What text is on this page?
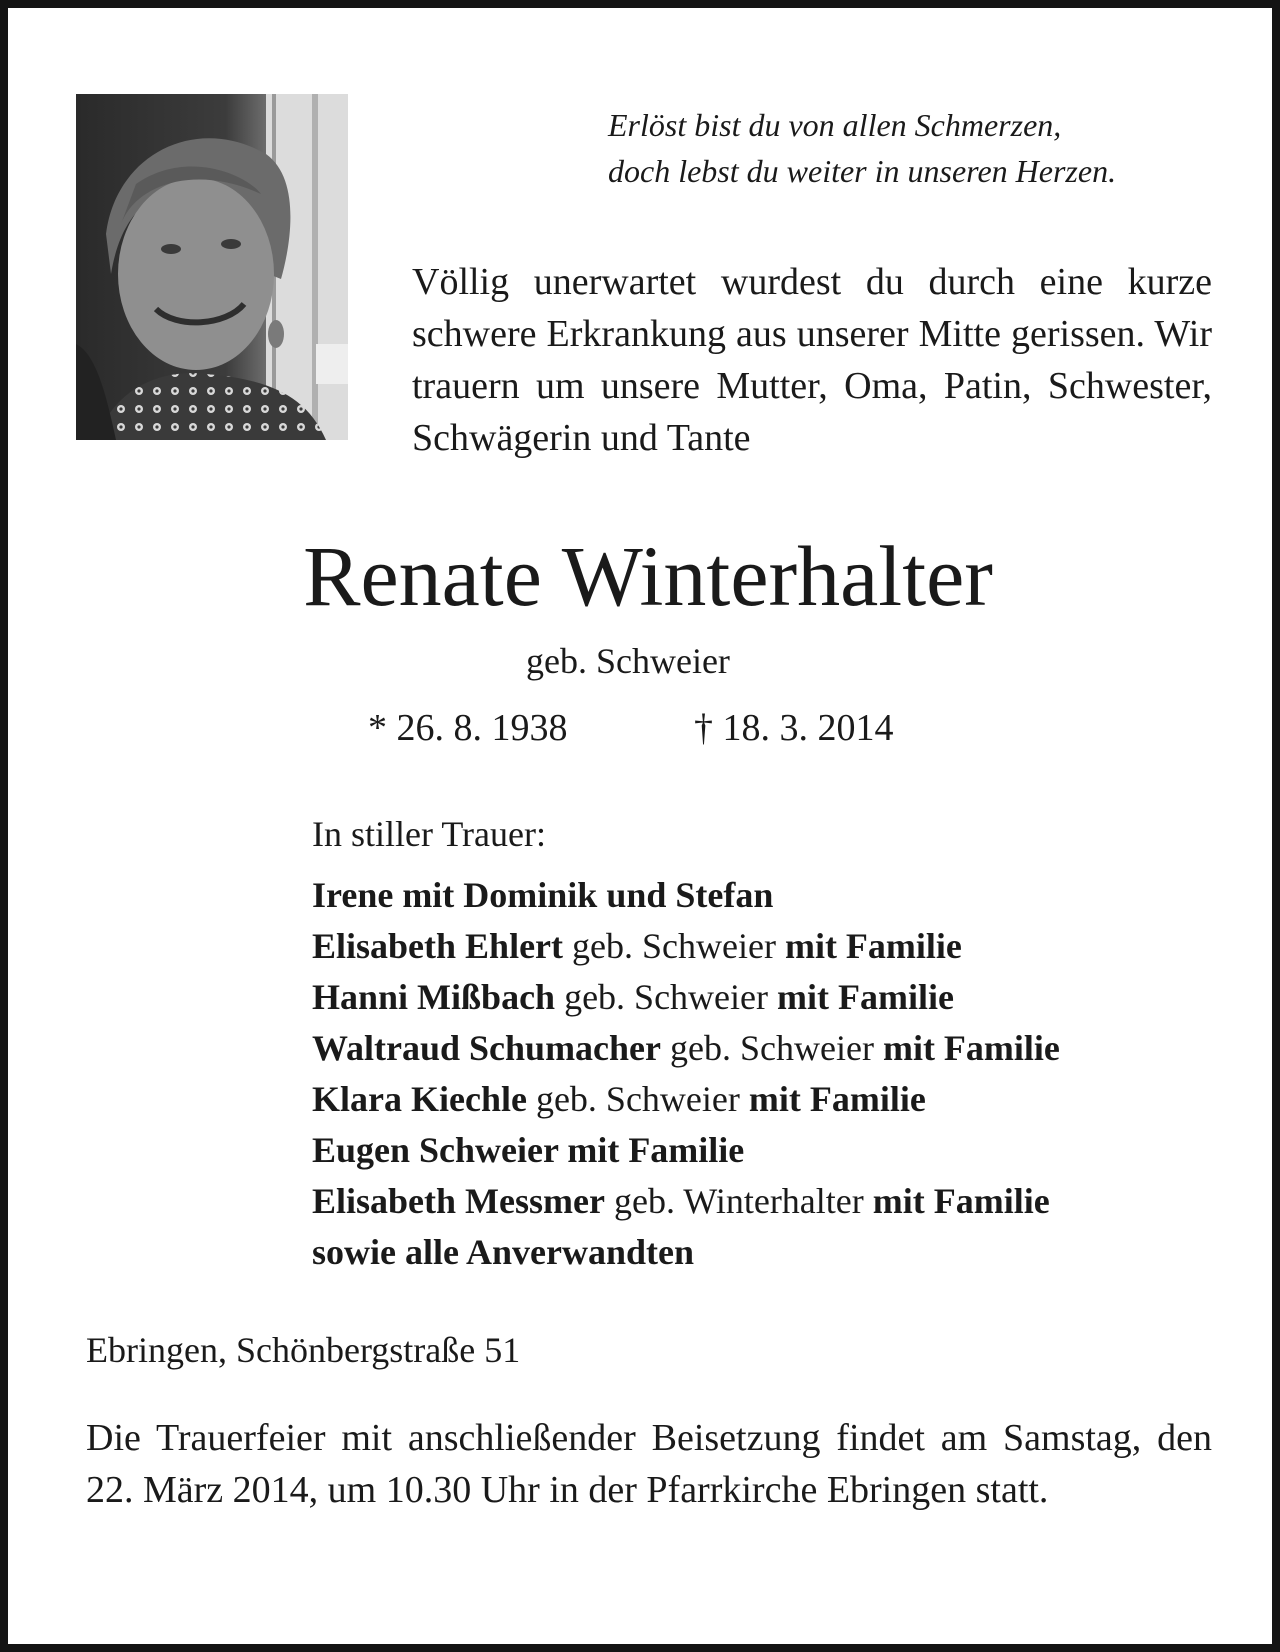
Erlöst bist du von allen Schmerzen,
doch lebst du weiter in unseren Herzen.
Völlig unerwartet wurdest du durch eine kurze schwere Erkrankung aus unserer Mitte gerissen. Wir trauern um unsere Mutter, Oma, Patin, Schwester, Schwägerin und Tante
Renate Winterhalter
geb. Schweier
* 26. 8. 1938	† 18. 3. 2014
In stiller Trauer:
Irene mit Dominik und Stefan
Elisabeth Ehlert geb. Schweier mit Familie
Hanni Mißbach geb. Schweier mit Familie
Waltraud Schumacher geb. Schweier mit Familie
Klara Kiechle geb. Schweier mit Familie
Eugen Schweier mit Familie
Elisabeth Messmer geb. Winterhalter mit Familie
sowie alle Anverwandten
Ebringen, Schönbergstraße 51
Die Trauerfeier mit anschließender Beisetzung findet am Samstag, den 22. März 2014, um 10.30 Uhr in der Pfarrkirche Ebringen statt.
